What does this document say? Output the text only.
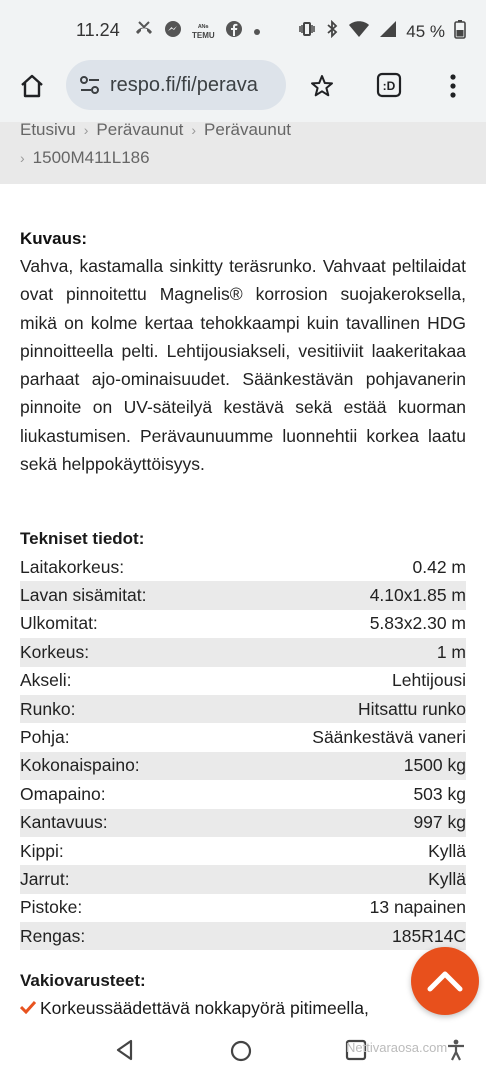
11.24	ᴬᴺ⁶
TEMU	45 %
respo.fi/fi/perava	:D
Etusivu › Perävaunut › Perävaunut
› 1500M411L186
Kuvaus:
Vahva, kastamalla sinkitty teräsrunko. Vahvaat peltilaidat ovat pinnoitettu Magnelis® korrosion suojakeroksella, mikä on kolme kertaa tehokkaampi kuin tavallinen HDG pinnoitteella pelti. Lehtijousiakseli, vesitiiviit laakeritakaa parhaat ajo-ominaisuudet. Säänkestävän pohjavanerin pinnoite on UV-säteilyä kestävä sekä estää kuorman liukastumisen. Perävaunuumme luonnehtii korkea laatu sekä helppokäyttöisyys.
Tekniset tiedot:
Laitakorkeus:	0.42 m
Lavan sisämitat:	4.10x1.85 m
Ulkomitat:	5.83x2.30 m
Korkeus:	1 m
Akseli:	Lehtijousi
Runko:	Hitsattu runko
Pohja:	Säänkestävä vaneri
Kokonaispaino:	1500 kg
Omapaino:	503 kg
Kantavuus:	997 kg
Kippi:	Kyllä
Jarrut:	Kyllä
Pistoke:	13 napainen
Rengas:	185R14C
Vakiovarusteet:
Korkeussäädettävä nokkapyörä pitimeella,
Nettivaraosa.com
